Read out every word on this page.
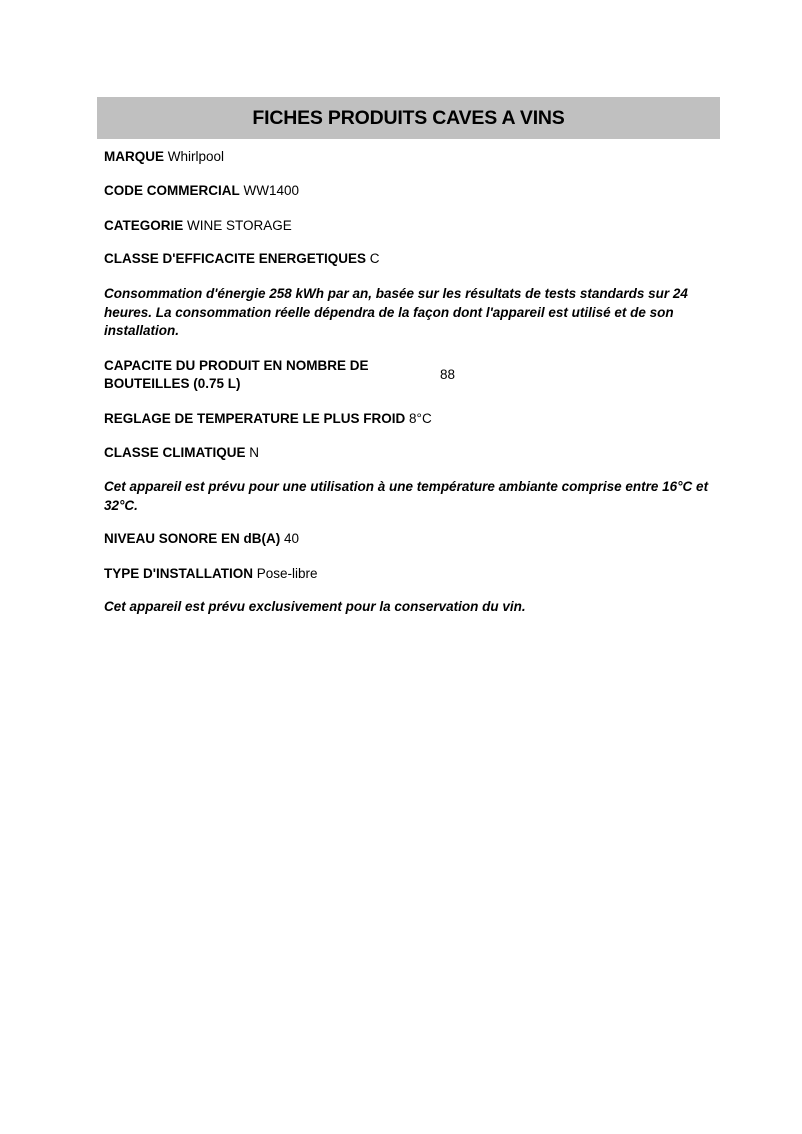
FICHES PRODUITS CAVES A VINS
MARQUE Whirlpool
CODE COMMERCIAL WW1400
CATEGORIE WINE STORAGE
CLASSE D'EFFICACITE ENERGETIQUES C
Consommation d'énergie 258 kWh par an, basée sur les résultats de tests standards sur 24 heures. La consommation réelle dépendra de la façon dont l'appareil est utilisé et de son installation.
CAPACITE DU PRODUIT EN NOMBRE DE BOUTEILLES (0.75 L)
88
REGLAGE DE TEMPERATURE LE PLUS FROID 8°C
CLASSE CLIMATIQUE N
Cet appareil est prévu pour une utilisation à une température ambiante comprise entre 16°C et 32°C.
NIVEAU SONORE EN dB(A) 40
TYPE D'INSTALLATION Pose-libre
Cet appareil est prévu exclusivement pour la conservation du vin.
